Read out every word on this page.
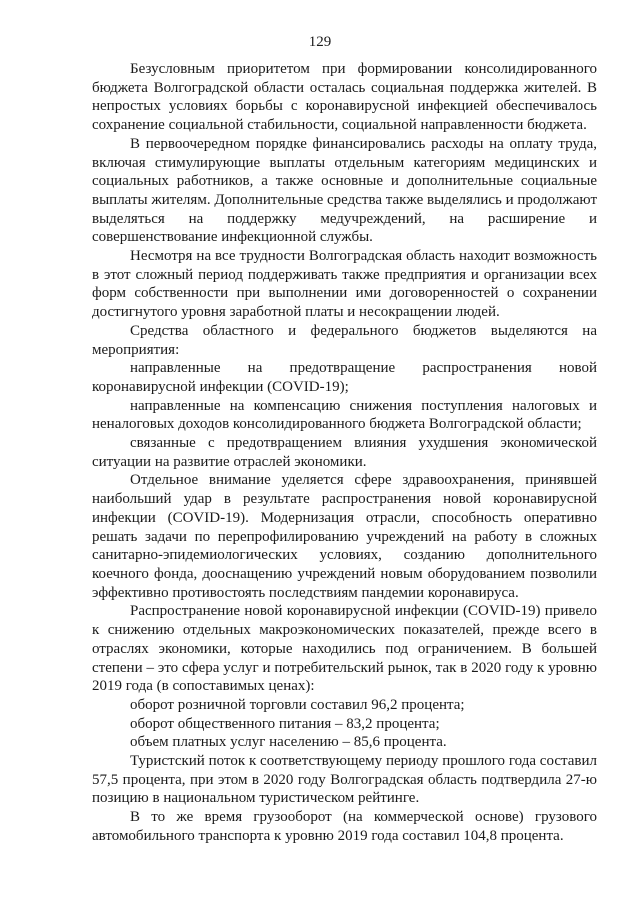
129

Безусловным приоритетом при формировании консолидированного бюджета Волгоградской области осталась социальная поддержка жителей. В непростых условиях борьбы с коронавирусной инфекцией обеспечивалось сохранение социальной стабильности, социальной направленности бюджета.

В первоочередном порядке финансировались расходы на оплату труда, включая стимулирующие выплаты отдельным категориям медицинских и социальных работников, а также основные и дополнительные социальные выплаты жителям. Дополнительные средства также выделялись и продолжают выделяться на поддержку медучреждений, на расширение и совершенствование инфекционной службы.

Несмотря на все трудности Волгоградская область находит возможность в этот сложный период поддерживать также предприятия и организации всех форм собственности при выполнении ими договоренностей о сохранении достигнутого уровня заработной платы и несокращении людей.

Средства областного и федерального бюджетов выделяются на мероприятия:

направленные на предотвращение распространения новой коронавирусной инфекции (COVID-19);

направленные на компенсацию снижения поступления налоговых и неналоговых доходов консолидированного бюджета Волгоградской области;

связанные с предотвращением влияния ухудшения экономической ситуации на развитие отраслей экономики.

Отдельное внимание уделяется сфере здравоохранения, принявшей наибольший удар в результате распространения новой коронавирусной инфекции (COVID-19). Модернизация отрасли, способность оперативно решать задачи по перепрофилированию учреждений на работу в сложных санитарно-эпидемиологических условиях, созданию дополнительного коечного фонда, дооснащению учреждений новым оборудованием позволили эффективно противостоять последствиям пандемии коронавируса.

Распространение новой коронавирусной инфекции (COVID-19) привело к снижению отдельных макроэкономических показателей, прежде всего в отраслях экономики, которые находились под ограничением. В большей степени – это сфера услуг и потребительский рынок, так в 2020 году к уровню 2019 года (в сопоставимых ценах):

оборот розничной торговли составил 96,2 процента;

оборот общественного питания – 83,2 процента;

объем платных услуг населению – 85,6 процента.

Туристский поток к соответствующему периоду прошлого года составил 57,5 процента, при этом в 2020 году Волгоградская область подтвердила 27-ю позицию в национальном туристическом рейтинге.

В то же время грузооборот (на коммерческой основе) грузового автомобильного транспорта к уровню 2019 года составил 104,8 процента.
